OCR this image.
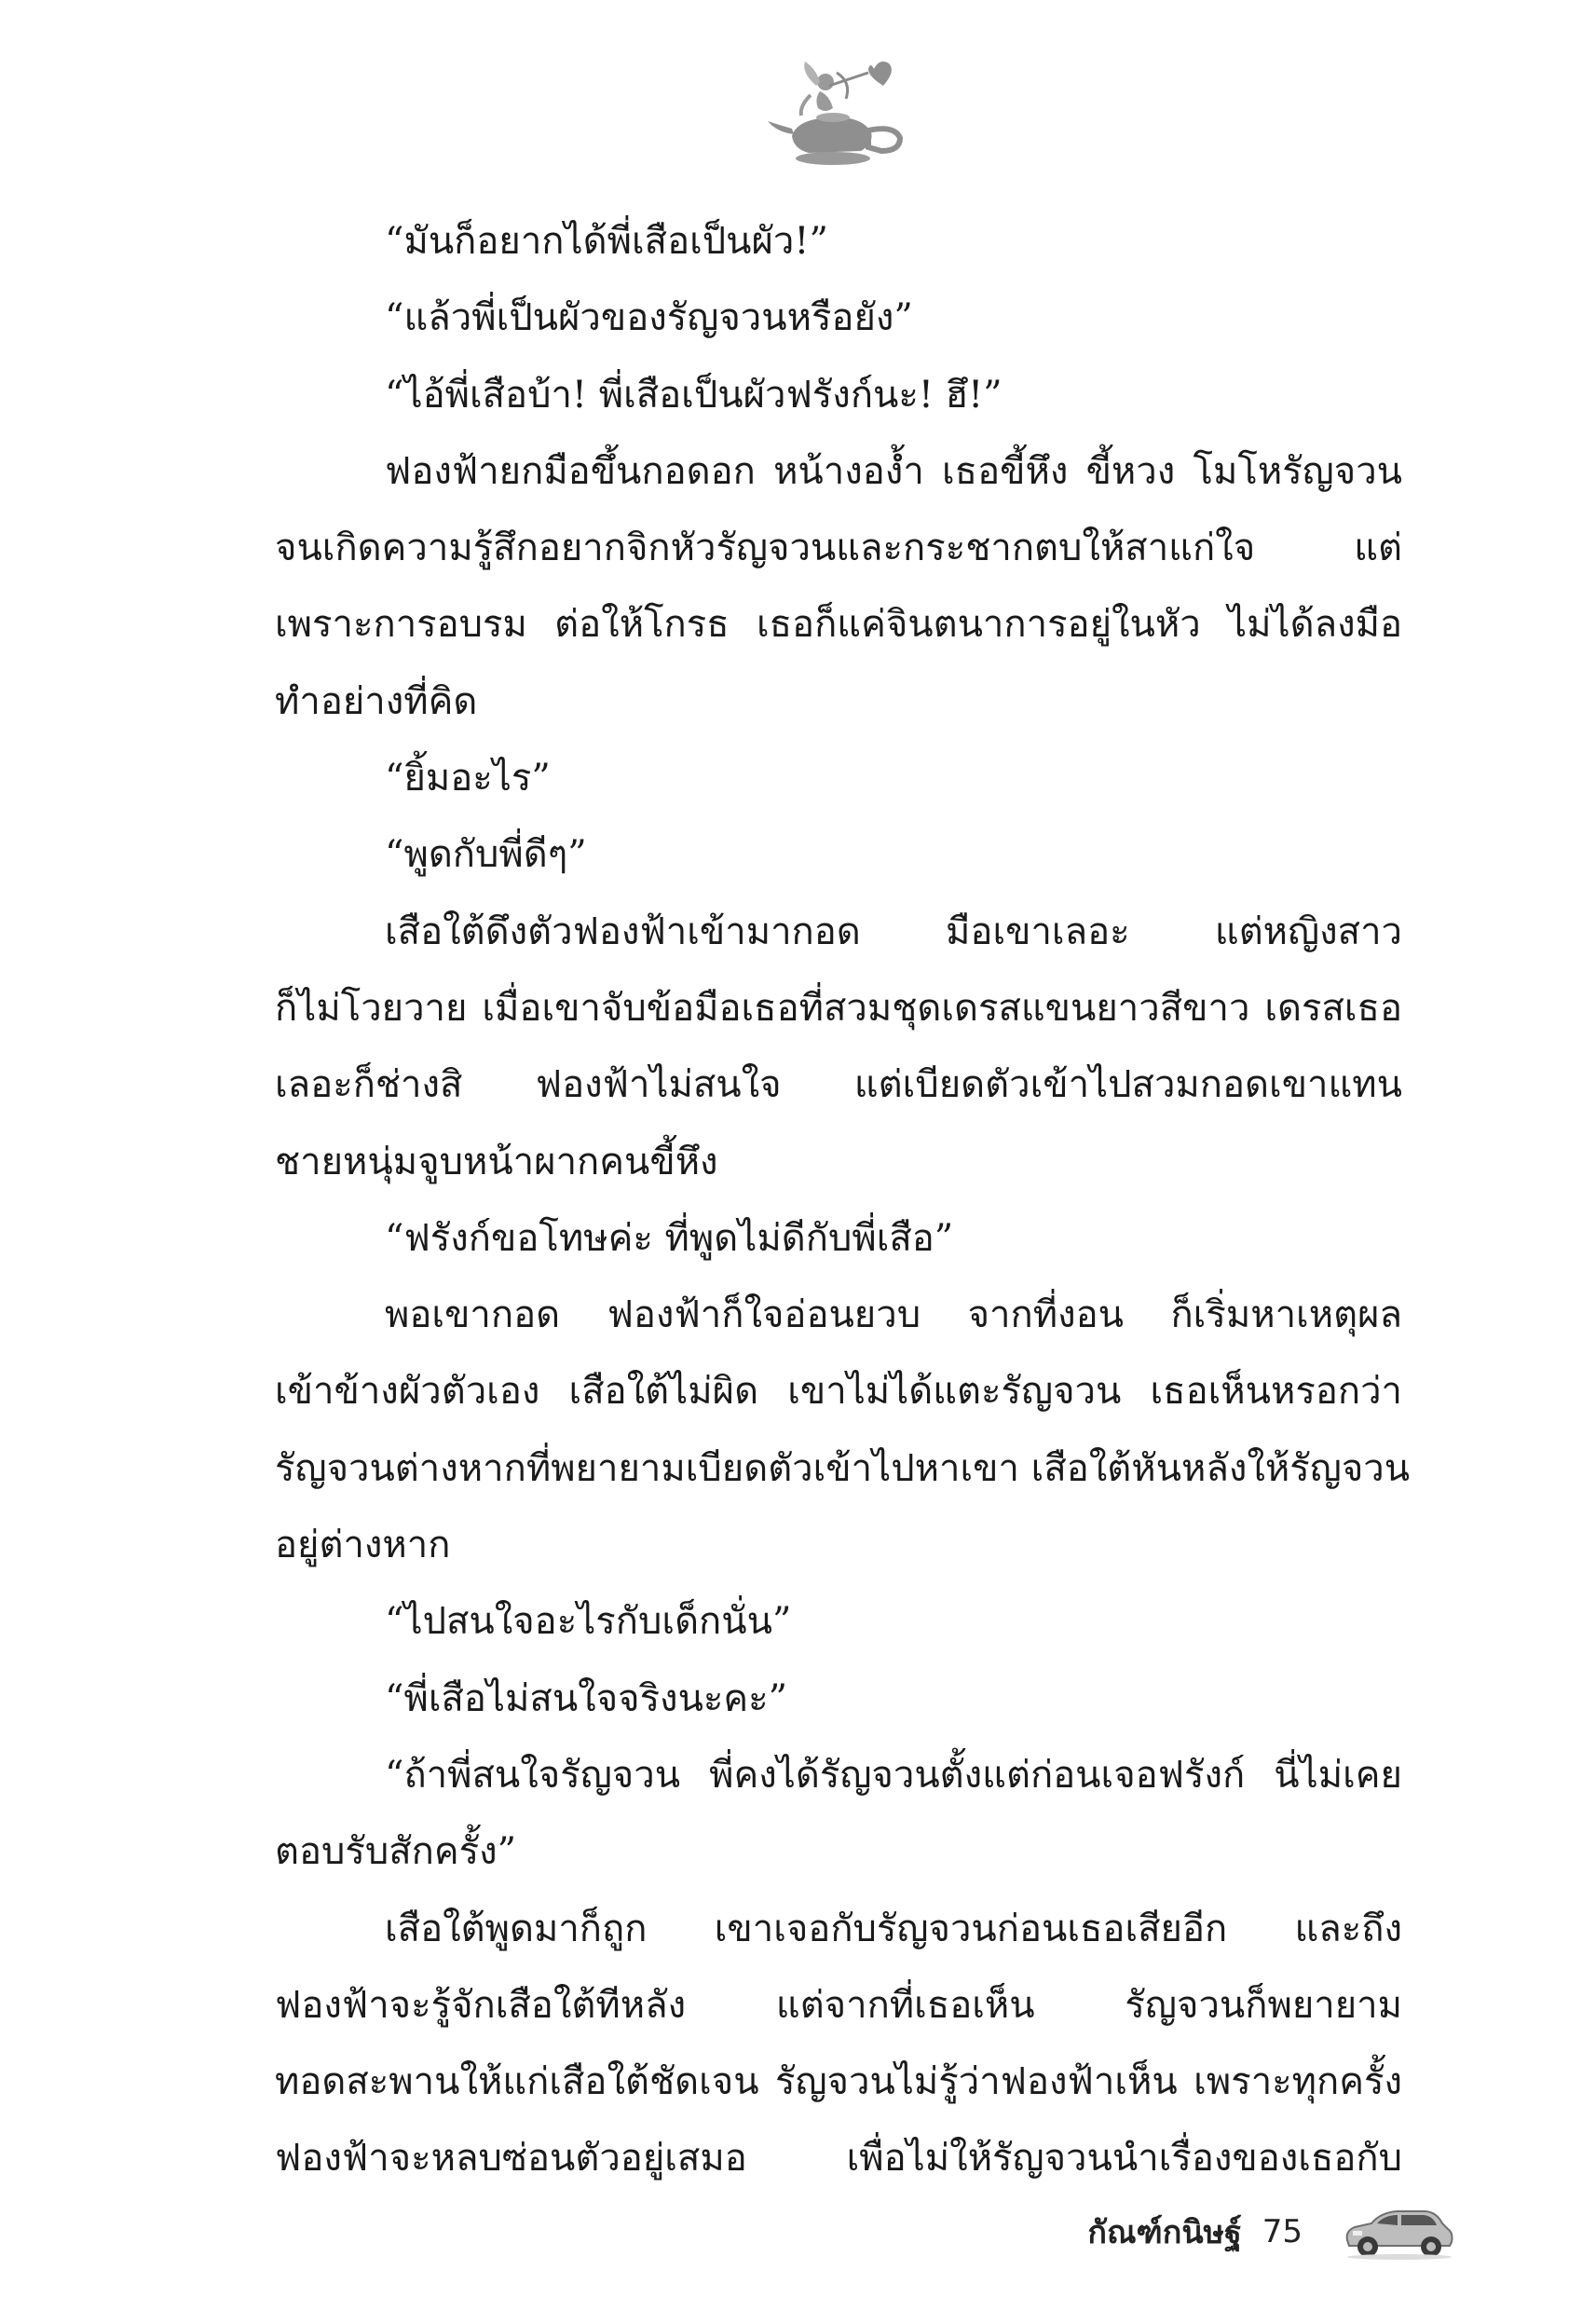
“มันก็อยากได้พี่เสือเป็นผัว!”
“แล้วพี่เป็นผัวของรัญจวนหรือยัง”
“ไอ้พี่เสือบ้า! พี่เสือเป็นผัวฟรังก์นะ! ฮึ!”
ฟองฟ้ายกมือขึ้นกอดอก หน้างอง้ำ เธอขี้หึง ขี้หวง โมโหรัญจวน
จนเกิดความรู้สึกอยากจิกหัวรัญจวนและกระชากตบให้สาแก่ใจ แต่
เพราะการอบรม ต่อให้โกรธ เธอก็แค่จินตนาการอยู่ในหัว ไม่ได้ลงมือ
ทำอย่างที่คิด
“ยิ้มอะไร”
“พูดกับพี่ดีๆ”
เสือใต้ดึงตัวฟองฟ้าเข้ามากอด มือเขาเลอะ แต่หญิงสาว
ก็ไม่โวยวาย เมื่อเขาจับข้อมือเธอที่สวมชุดเดรสแขนยาวสีขาว เดรสเธอ
เลอะก็ช่างสิ ฟองฟ้าไม่สนใจ แต่เบียดตัวเข้าไปสวมกอดเขาแทน
ชายหนุ่มจูบหน้าผากคนขี้หึง
“ฟรังก์ขอโทษค่ะ ที่พูดไม่ดีกับพี่เสือ”
พอเขากอด ฟองฟ้าก็ใจอ่อนยวบ จากที่งอน ก็เริ่มหาเหตุผล
เข้าข้างผัวตัวเอง เสือใต้ไม่ผิด เขาไม่ได้แตะรัญจวน เธอเห็นหรอกว่า
รัญจวนต่างหากที่พยายามเบียดตัวเข้าไปหาเขา เสือใต้หันหลังให้รัญจวน
อยู่ต่างหาก
“ไปสนใจอะไรกับเด็กนั่น”
“พี่เสือไม่สนใจจริงนะคะ”
“ถ้าพี่สนใจรัญจวน พี่คงได้รัญจวนตั้งแต่ก่อนเจอฟรังก์ นี่ไม่เคย
ตอบรับสักครั้ง”
เสือใต้พูดมาก็ถูก เขาเจอกับรัญจวนก่อนเธอเสียอีก และถึง
ฟองฟ้าจะรู้จักเสือใต้ทีหลัง แต่จากที่เธอเห็น รัญจวนก็พยายาม
ทอดสะพานให้แก่เสือใต้ชัดเจน รัญจวนไม่รู้ว่าฟองฟ้าเห็น เพราะทุกครั้ง
ฟองฟ้าจะหลบซ่อนตัวอยู่เสมอ เพื่อไม่ให้รัญจวนนำเรื่องของเธอกับ
กัณฑ์กนิษฐ์ 75
